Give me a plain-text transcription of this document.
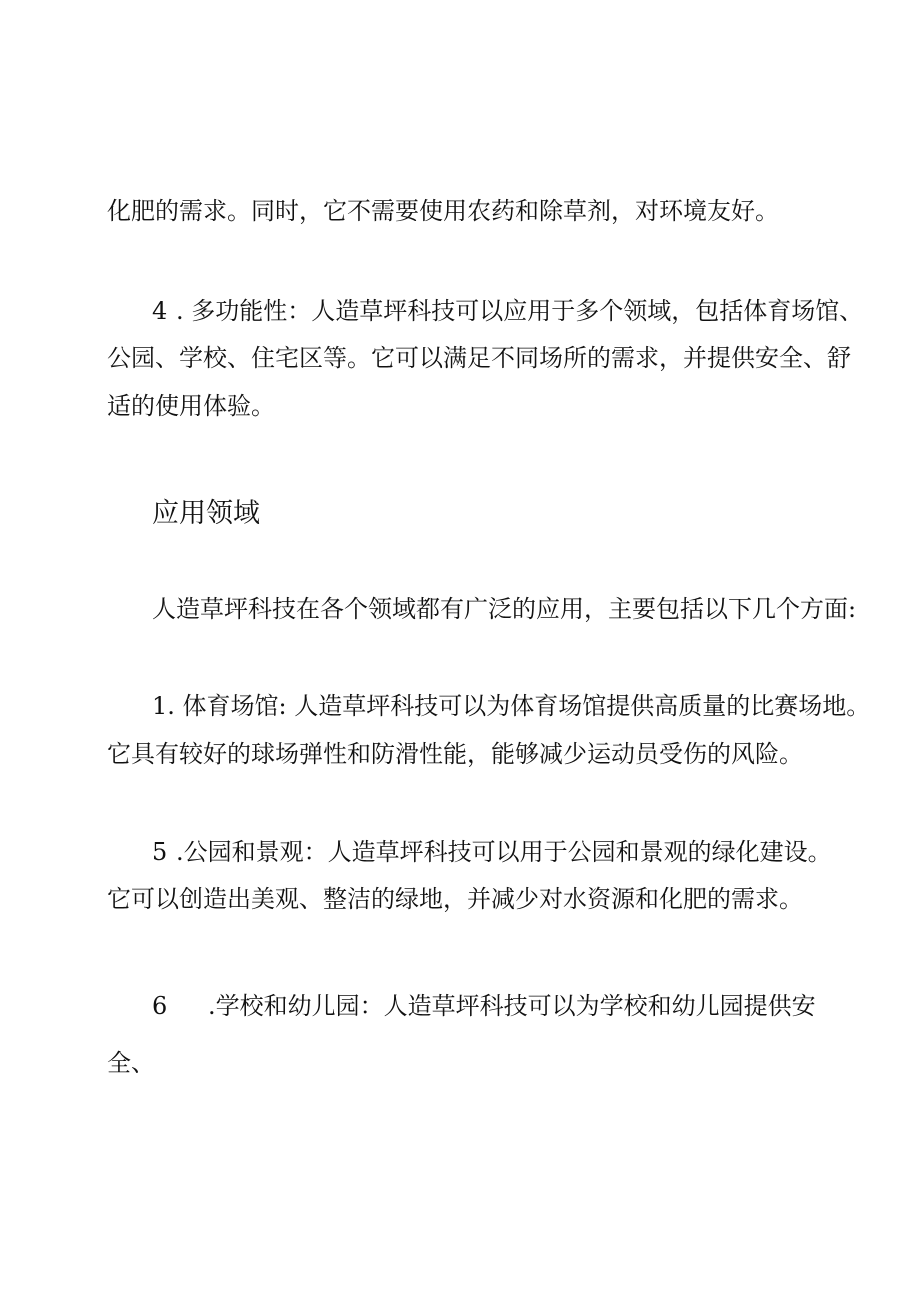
化肥的需求。同时，它不需要使用农药和除草剂，对环境友好。

4 . 多功能性：人造草坪科技可以应用于多个领域，包括体育场馆、

公园、学校、住宅区等。它可以满足不同场所的需求，并提供安全、舒

适的使用体验。

应用领域

人造草坪科技在各个领域都有广泛的应用，主要包括以下几个方面:

1. 体育场馆: 人造草坪科技可以为体育场馆提供高质量的比赛场地。

它具有较好的球场弹性和防滑性能，能够减少运动员受伤的风险。

5 .公园和景观：人造草坪科技可以用于公园和景观的绿化建设。

它可以创造出美观、整洁的绿地，并减少对水资源和化肥的需求。

6 .学校和幼儿园：人造草坪科技可以为学校和幼儿园提供安

全、
